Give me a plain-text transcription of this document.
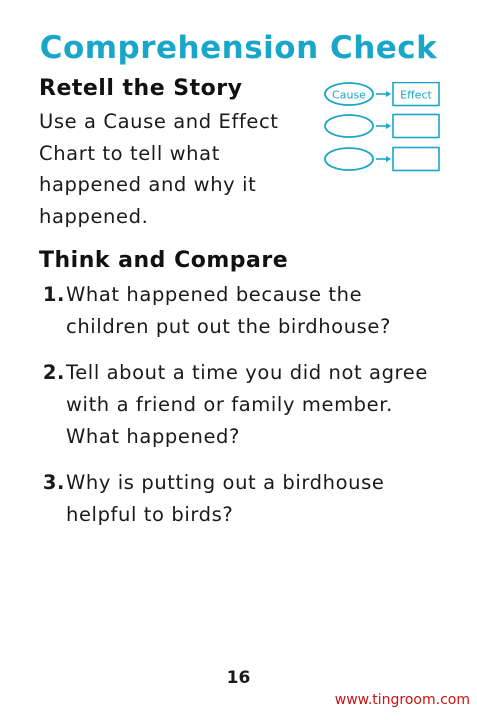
Comprehension Check
Retell the Story
Use a Cause and Effect Chart to tell what happened and why it happened.
Cause	Effect
Think and Compare
1. What happened because the children put out the birdhouse?
2. Tell about a time you did not agree with a friend or family member. What happened?
3. Why is putting out a birdhouse helpful to birds?
16
www.tingroom.com
